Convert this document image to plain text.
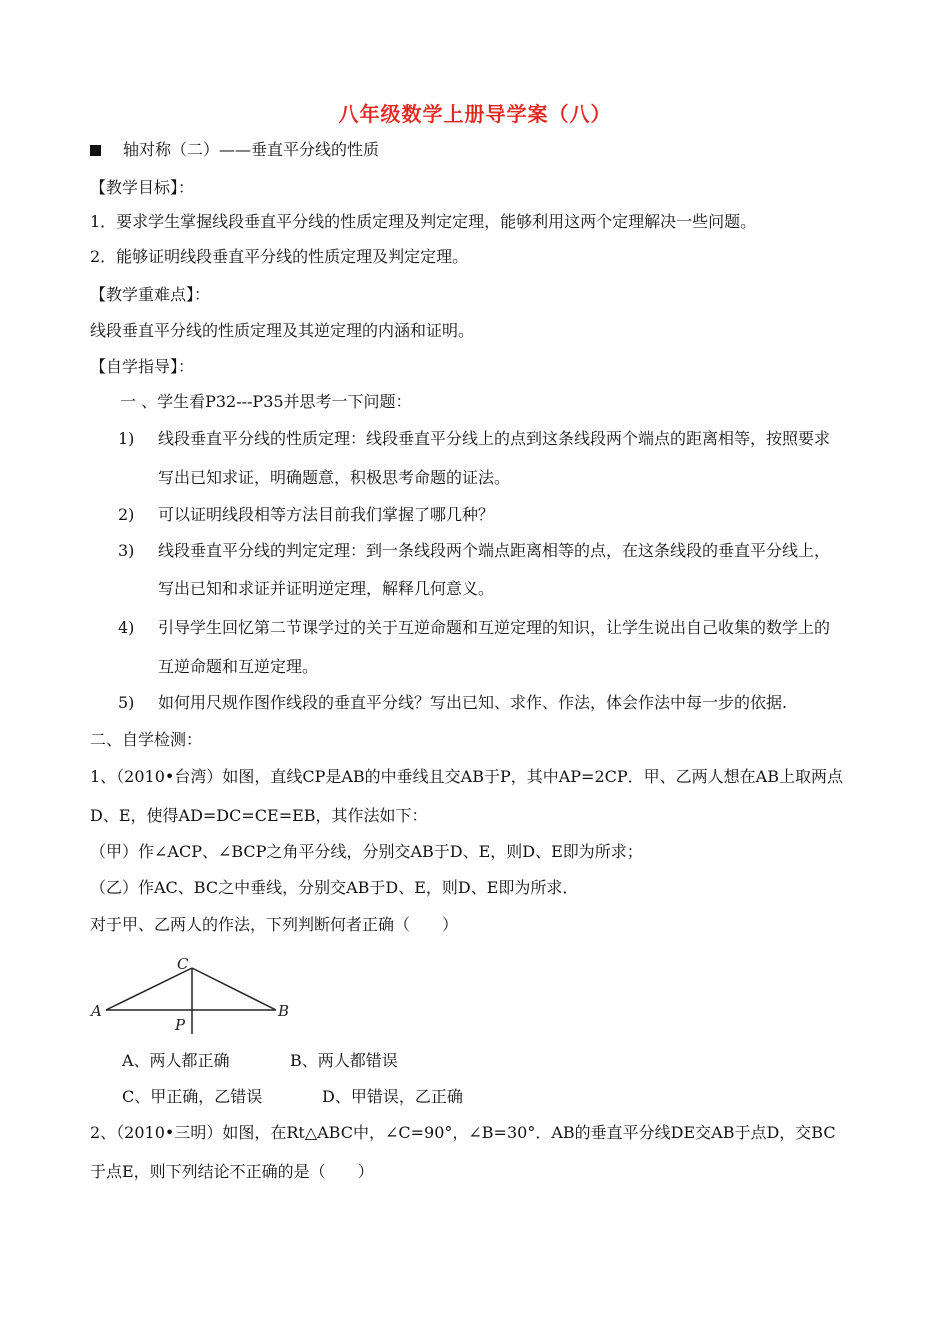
八年级数学上册导学案（八）
轴对称（二）——垂直平分线的性质
【教学目标】：
1．要求学生掌握线段垂直平分线的性质定理及判定定理，能够利用这两个定理解决一些问题。
2．能够证明线段垂直平分线的性质定理及判定定理。
【教学重难点】：
线段垂直平分线的性质定理及其逆定理的内涵和证明。
【自学指导】：
一 、学生看P32---P35并思考一下问题：
1) 线段垂直平分线的性质定理：线段垂直平分线上的点到这条线段两个端点的距离相等，按照要求
写出已知求证，明确题意，积极思考命题的证法。
2) 可以证明线段相等方法目前我们掌握了哪几种？
3) 线段垂直平分线的判定定理：到一条线段两个端点距离相等的点，在这条线段的垂直平分线上，
写出已知和求证并证明逆定理，解释几何意义。
4) 引导学生回忆第二节课学过的关于互逆命题和互逆定理的知识，让学生说出自己收集的数学上的
互逆命题和互逆定理。
5) 如何用尺规作图作线段的垂直平分线？写出已知、求作、作法，体会作法中每一步的依据.
二、自学检测：
1、（2010•台湾）如图，直线CP是AB的中垂线且交AB于P，其中AP=2CP．甲、乙两人想在AB上取两点
D、E，使得AD=DC=CE=EB，其作法如下：
（甲）作∠ACP、∠BCP之角平分线，分别交AB于D、E，则D、E即为所求；
（乙）作AC、BC之中垂线，分别交AB于D、E，则D、E即为所求．
对于甲、乙两人的作法，下列判断何者正确（　　）
A	B
C
P
A、两人都正确	B、两人都错误
C、甲正确，乙错误	D、甲错误，乙正确
2、（2010•三明）如图，在Rt△ABC中，∠C=90°，∠B=30°．AB的垂直平分线DE交AB于点D，交BC
于点E，则下列结论不正确的是（　　）
